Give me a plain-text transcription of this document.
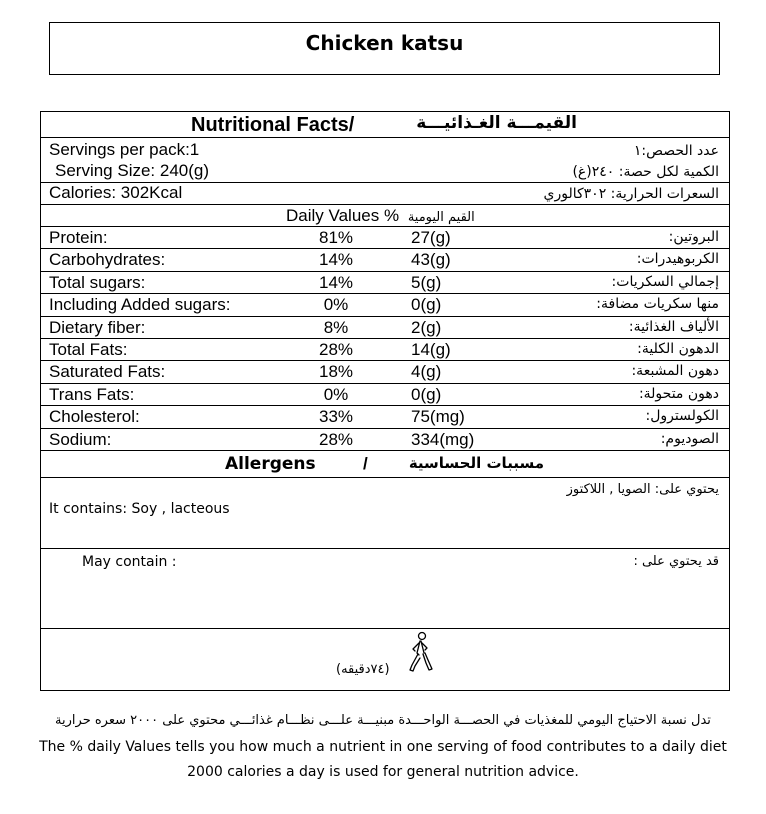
Chicken katsu
Nutritional Facts/	القيمـــة الغـذائيـــة
Servings per pack:1	عدد الحصص:١
Serving Size: 240(g)	الكمية لكل حصة: ٢٤٠(غ)
Calories: 302Kcal	السعرات الحرارية: ٣٠٢كالوري
Daily Values % القيم اليومية
Protein:	81%	27(g)	البروتين:
Carbohydrates:	14%	43(g)	الكربوهيدرات:
Total sugars:	14%	5(g)	إجمالي السكريات:
Including Added sugars:	0%	0(g)	منها سكريات مضافة:
Dietary fiber:	8%	2(g)	الألياف الغذائية:
Total Fats:	28%	14(g)	الدهون الكلية:
Saturated Fats:	18%	4(g)	دهون المشبعة:
Trans Fats:	0%	0(g)	دهون متحولة:
Cholesterol:	33%	75(mg)	الكولسترول:
Sodium:	28%	334(mg)	الصوديوم:
Allergens	/	مسببات الحساسية
يحتوي على: الصويا , اللاكتوز
It contains: Soy , lacteous
May contain :	قد يحتوي على :
(٧٤دقيقه)
تدل نسبة الاحتياج اليومي للمغذيات في الحصـــة الواحـــدة مبنيـــة علـــى نظـــام غذائـــي محتوي على ٢٠٠٠ سعره حرارية
The % daily Values tells you how much a nutrient in one serving of food contributes to a daily diet
2000 calories a day is used for general nutrition advice.
